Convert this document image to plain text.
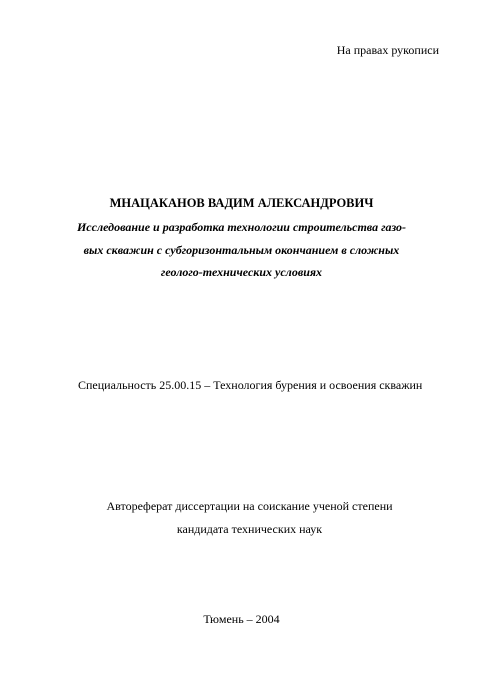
На правах рукописи
МНАЦАКАНОВ ВАДИМ АЛЕКСАНДРОВИЧ
Исследование и разработка технологии строительства газо-
вых скважин с субгоризонтальным окончанием в сложных
геолого-технических условиях
Специальность 25.00.15 – Технология бурения и освоения скважин
Автореферат диссертации на соискание ученой степени
кандидата технических наук
Тюмень – 2004
